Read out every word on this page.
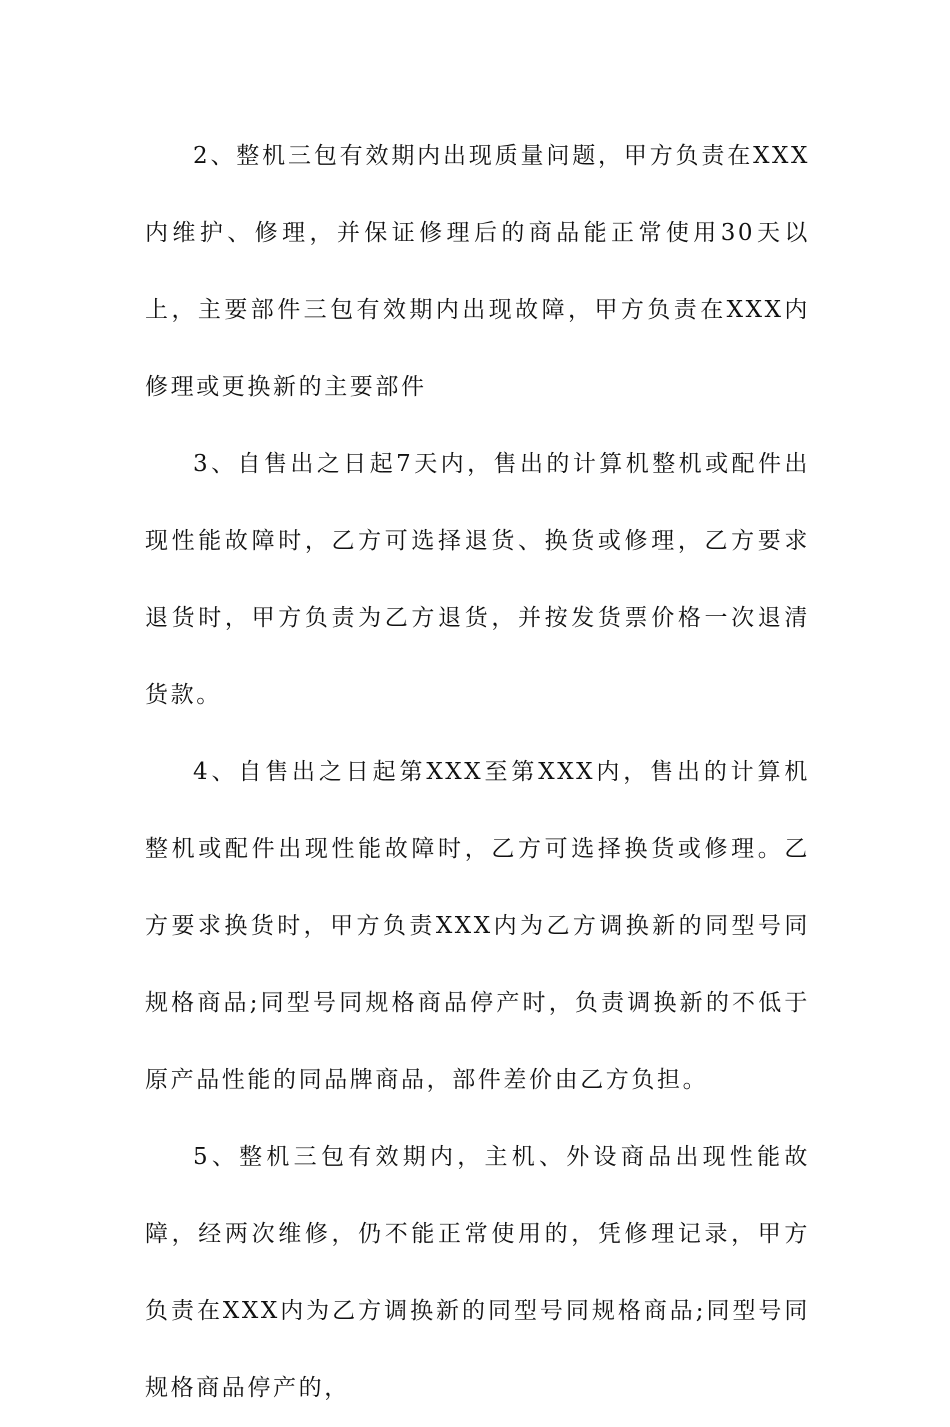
2、整机三包有效期内出现质量问题，甲方负责在XXX内维护、修理，并保证修理后的商品能正常使用30天以上，主要部件三包有效期内出现故障，甲方负责在XXX内修理或更换新的主要部件

3、自售出之日起7天内，售出的计算机整机或配件出现性能故障时，乙方可选择退货、换货或修理，乙方要求退货时，甲方负责为乙方退货，并按发货票价格一次退清货款。

4、自售出之日起第XXX至第XXX内，售出的计算机整机或配件出现性能故障时，乙方可选择换货或修理。乙方要求换货时，甲方负责XXX内为乙方调换新的同型号同规格商品;同型号同规格商品停产时，负责调换新的不低于原产品性能的同品牌商品，部件差价由乙方负担。

5、整机三包有效期内，主机、外设商品出现性能故障，经两次维修，仍不能正常使用的，凭修理记录，甲方负责在XXX内为乙方调换新的同型号同规格商品;同型号同规格商品停产的，
